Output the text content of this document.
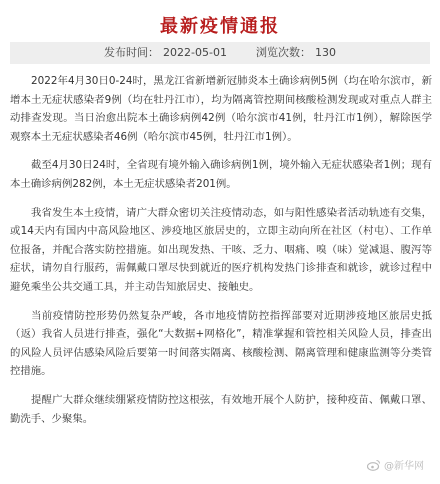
最新疫情通报
发布时间： 2022-05-01	浏览次数： 130

2022年4月30日0-24时，黑龙江省新增新冠肺炎本土确诊病例5例（均在哈尔滨市，新增本土无症状感染者9例（均在牡丹江市），均为隔离管控期间核酸检测发现或对重点人群主动排查发现。当日治愈出院本土确诊病例42例（哈尔滨市41例，牡丹江市1例），解除医学观察本土无症状感染者46例（哈尔滨市45例，牡丹江市1例）。

截至4月30日24时，全省现有境外输入确诊病例1例，境外输入无症状感染者1例；现有本土确诊病例282例，本土无症状感染者201例。

我省发生本土疫情，请广大群众密切关注疫情动态，如与阳性感染者活动轨迹有交集，或14天内有国内中高风险地区、涉疫地区旅居史的，立即主动向所在社区（村屯）、工作单位报备，并配合落实防控措施。如出现发热、干咳、乏力、咽痛、嗅（味）觉减退、腹泻等症状，请勿自行服药，需佩戴口罩尽快到就近的医疗机构发热门诊排查和就诊，就诊过程中避免乘坐公共交通工具，并主动告知旅居史、接触史。

当前疫情防控形势仍然复杂严峻，各市地疫情防控指挥部要对近期涉疫地区旅居史抵（返）我省人员进行排查，强化“大数据+网格化”，精准掌握和管控相关风险人员，排查出的风险人员评估感染风险后要第一时间落实隔离、核酸检测、隔离管理和健康监测等分类管控措施。

提醒广大群众继续绷紧疫情防控这根弦，有效地开展个人防护，接种疫苗、佩戴口罩、勤洗手、少聚集。

@新华网
